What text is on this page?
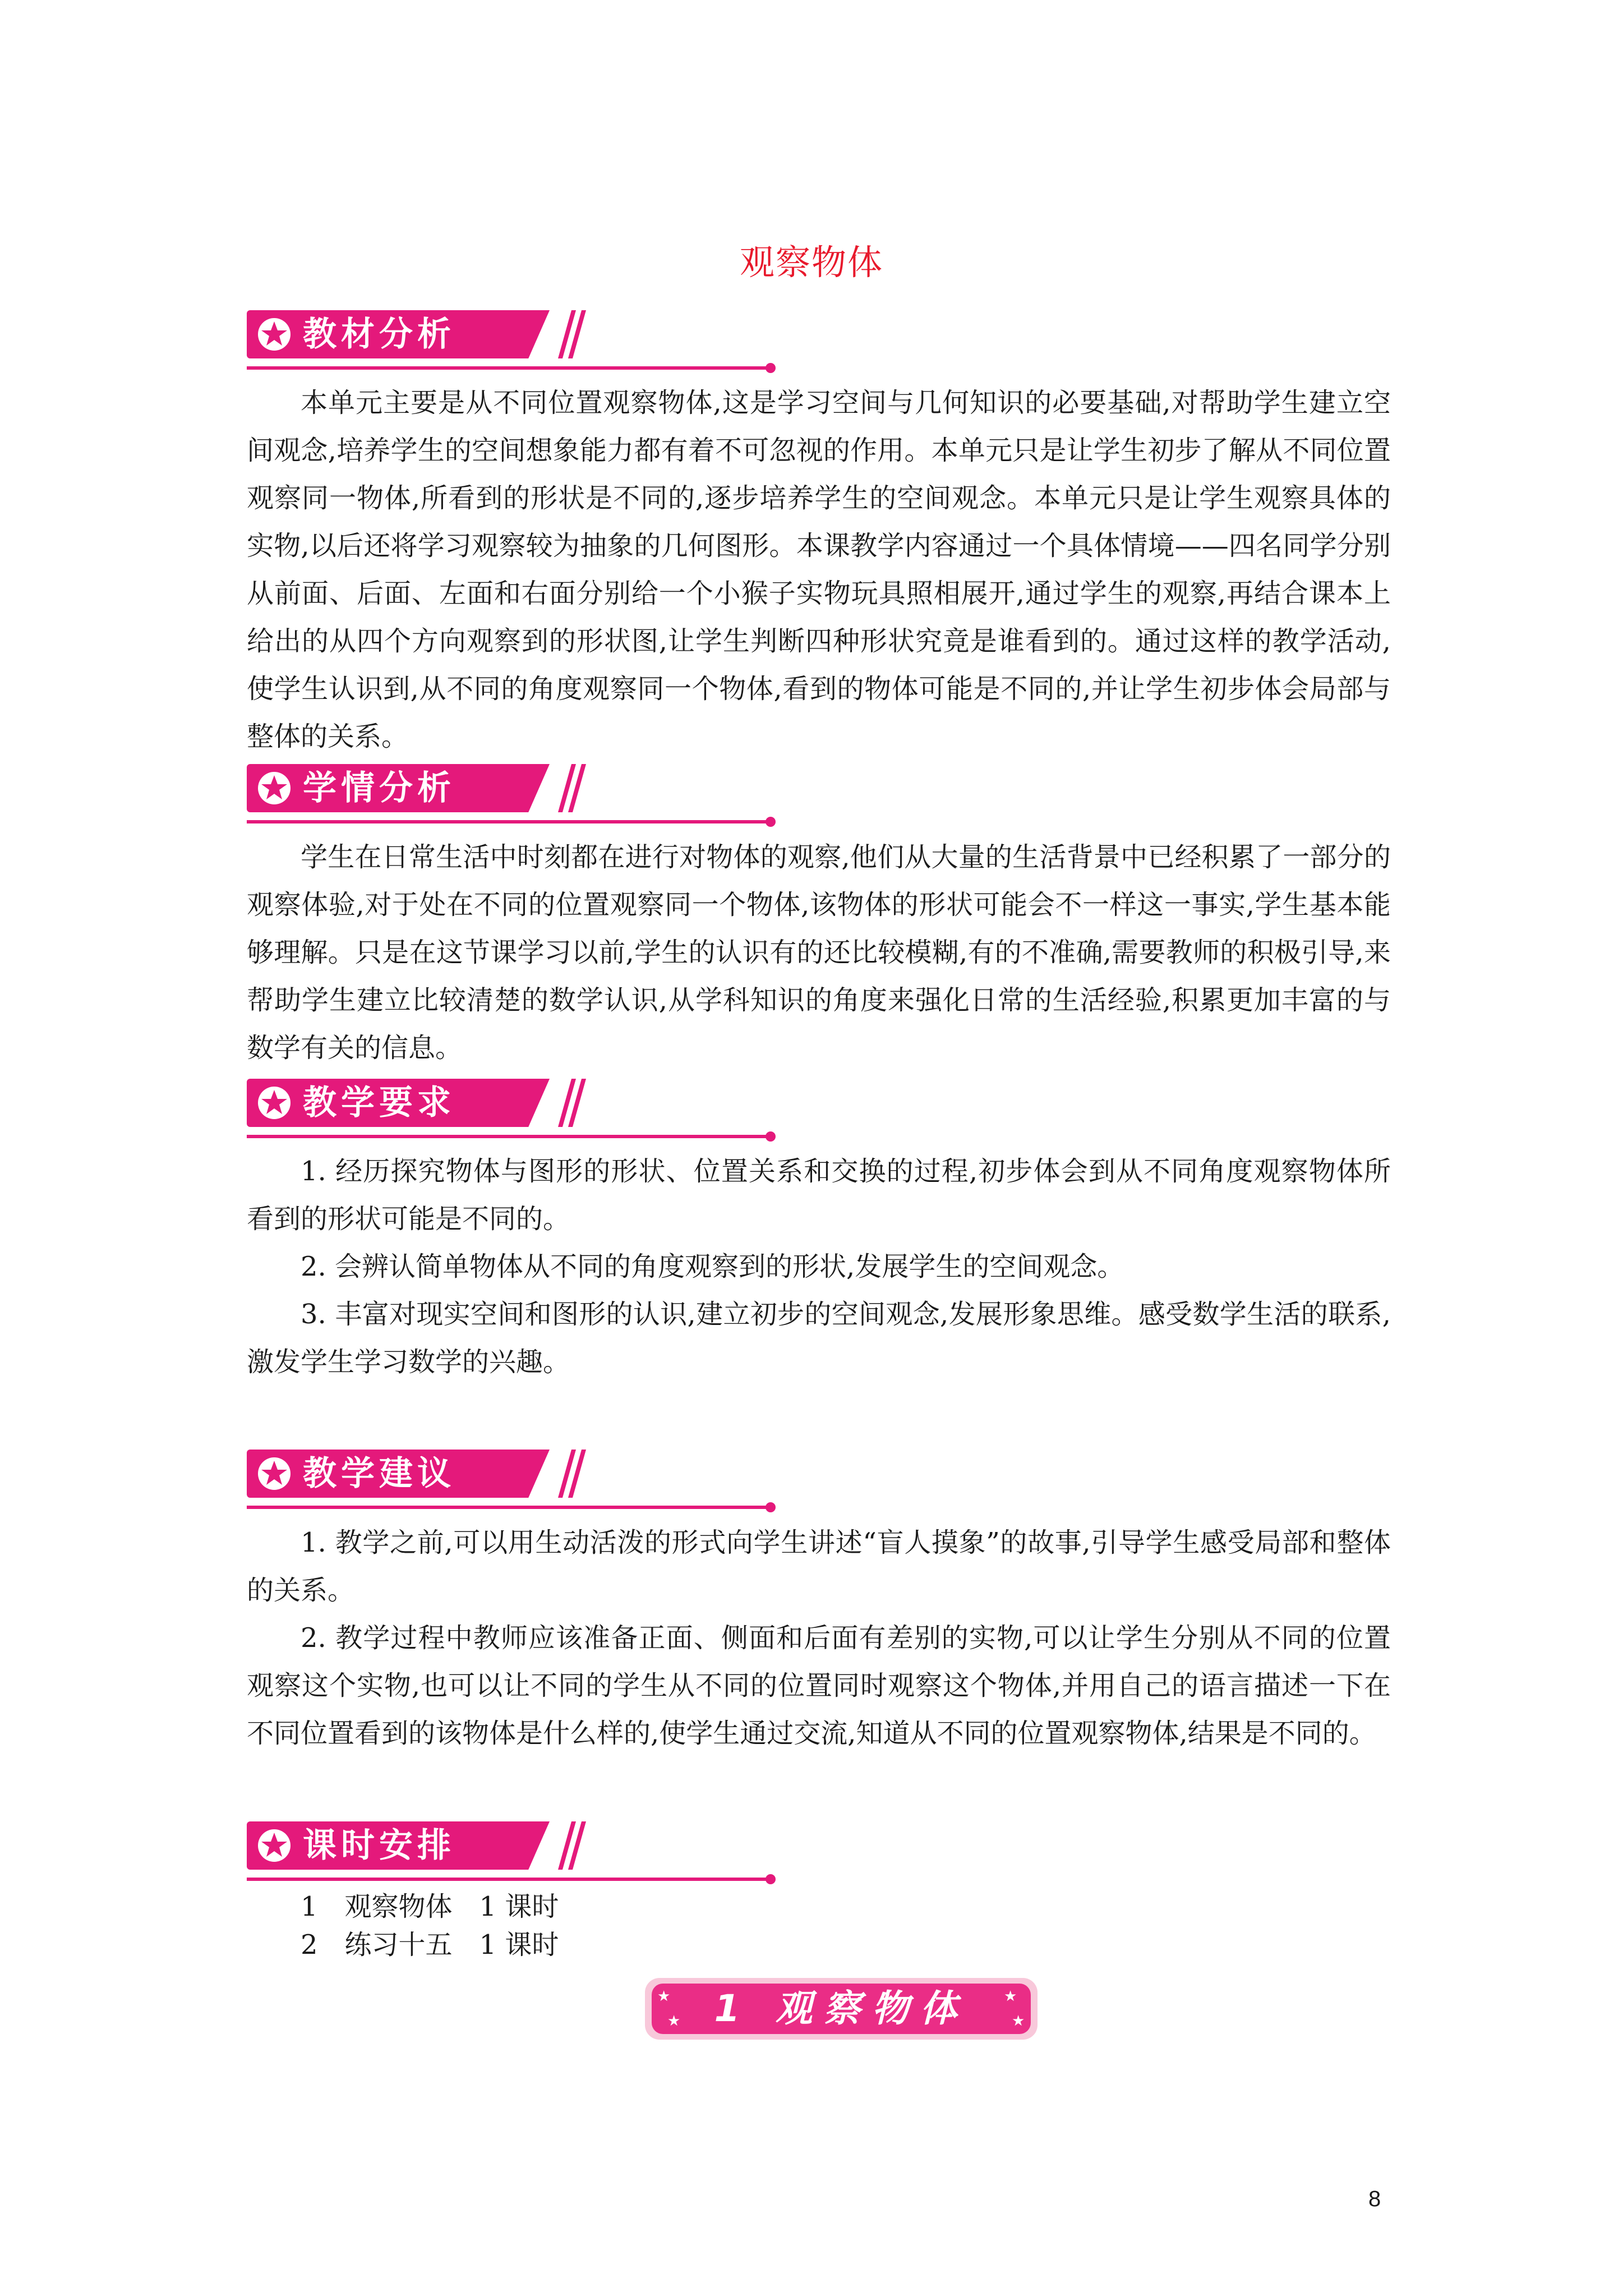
观察物体
教材分析
本单元主要是从不同位置观察物体,这是学习空间与几何知识的必要基础,对帮助学生建立空间观念,培养学生的空间想象能力都有着不可忽视的作用。本单元只是让学生初步了解从不同位置观察同一物体,所看到的形状是不同的,逐步培养学生的空间观念。本单元只是让学生观察具体的实物,以后还将学习观察较为抽象的几何图形。本课教学内容通过一个具体情境——四名同学分别从前面、后面、左面和右面分别给一个小猴子实物玩具照相展开,通过学生的观察,再结合课本上给出的从四个方向观察到的形状图,让学生判断四种形状究竟是谁看到的。通过这样的教学活动,使学生认识到,从不同的角度观察同一个物体,看到的物体可能是不同的,并让学生初步体会局部与整体的关系。
学情分析
学生在日常生活中时刻都在进行对物体的观察,他们从大量的生活背景中已经积累了一部分的观察体验,对于处在不同的位置观察同一个物体,该物体的形状可能会不一样这一事实,学生基本能够理解。只是在这节课学习以前,学生的认识有的还比较模糊,有的不准确,需要教师的积极引导,来帮助学生建立比较清楚的数学认识,从学科知识的角度来强化日常的生活经验,积累更加丰富的与数学有关的信息。
教学要求
1. 经历探究物体与图形的形状、位置关系和交换的过程,初步体会到从不同角度观察物体所看到的形状可能是不同的。
2. 会辨认简单物体从不同的角度观察到的形状,发展学生的空间观念。
3. 丰富对现实空间和图形的认识,建立初步的空间观念,发展形象思维。感受数学生活的联系,激发学生学习数学的兴趣。
教学建议
1. 教学之前,可以用生动活泼的形式向学生讲述“盲人摸象”的故事,引导学生感受局部和整体的关系。
2. 教学过程中教师应该准备正面、侧面和后面有差别的实物,可以让学生分别从不同的位置观察这个实物,也可以让不同的学生从不同的位置同时观察这个物体,并用自己的语言描述一下在不同位置看到的该物体是什么样的,使学生通过交流,知道从不同的位置观察物体,结果是不同的。
课时安排
1　观察物体　1 课时
2　练习十五　1 课时
★
★
★
★
1 观察物体
8
